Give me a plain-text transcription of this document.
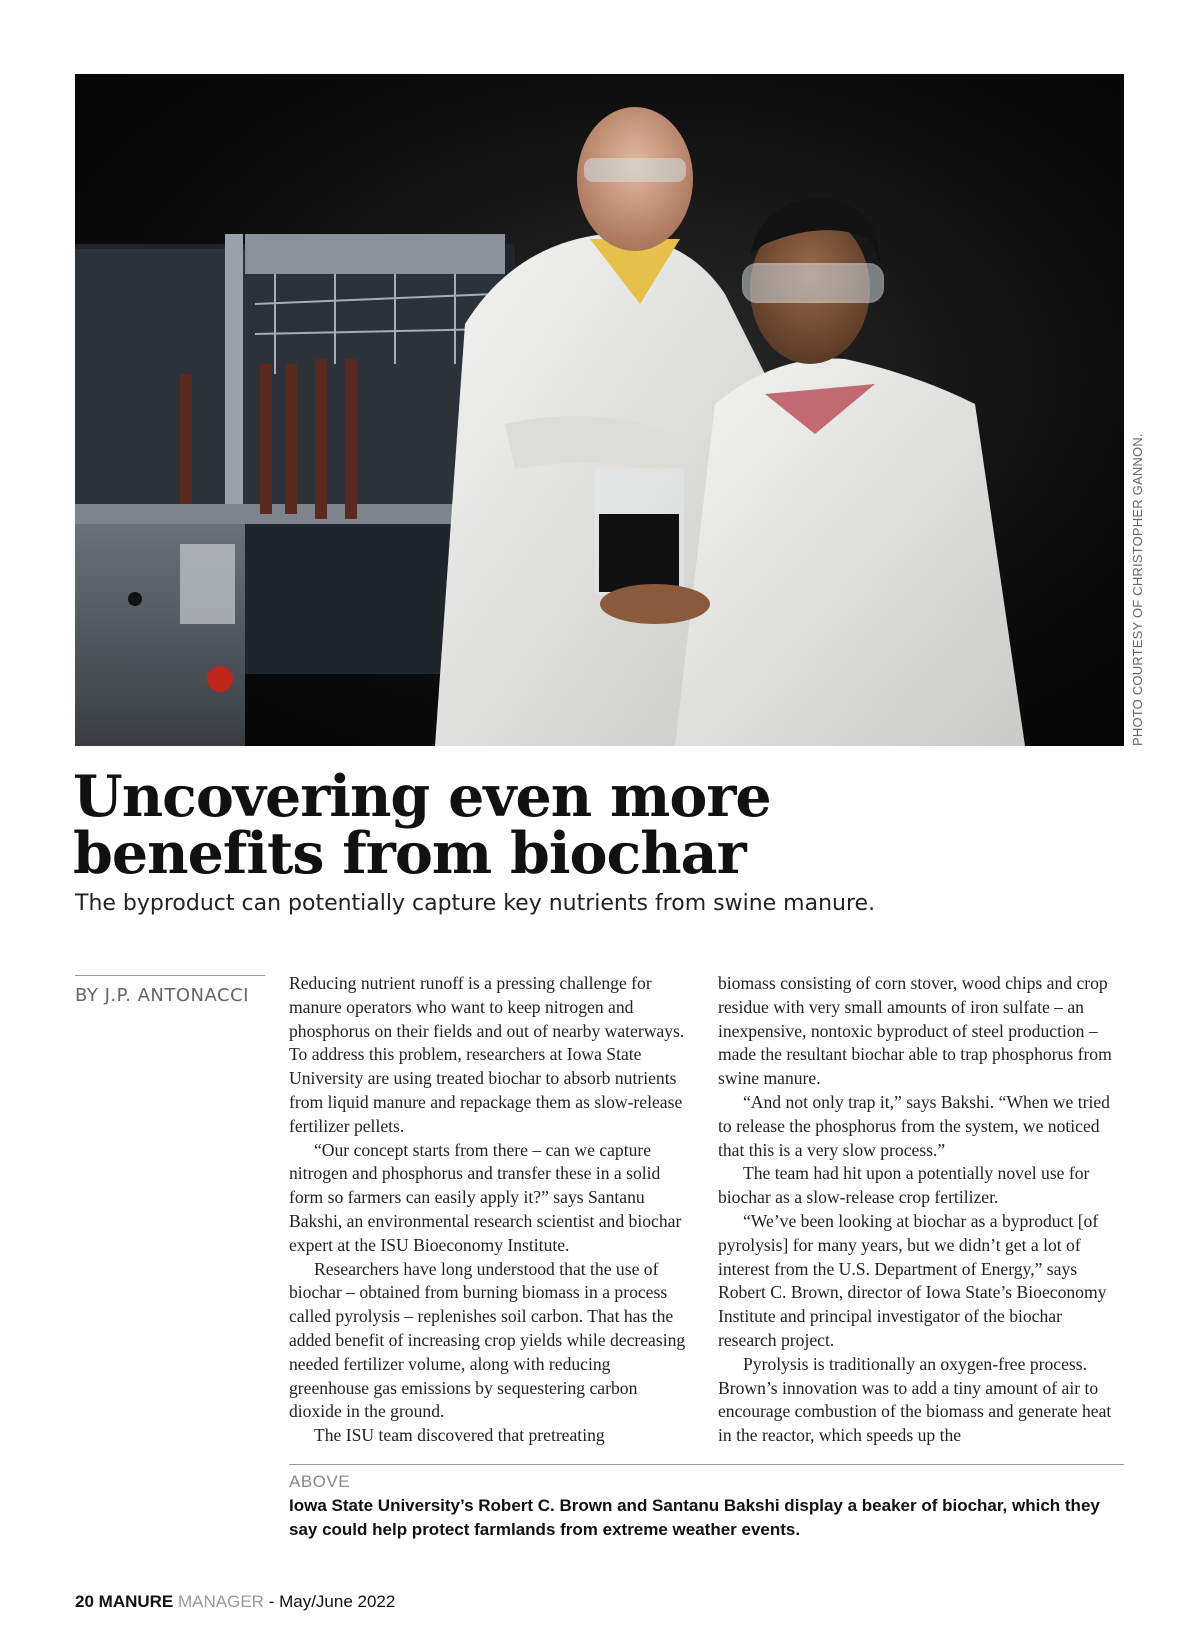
PHOTO COURTESY OF CHRISTOPHER GANNON.
Uncovering even more
benefits from biochar
The byproduct can potentially capture key nutrients from swine manure.
BY J.P. ANTONACCI

Reducing nutrient runoff is a pressing challenge for manure operators who want to keep nitrogen and phosphorus on their fields and out of nearby waterways. To address this problem, researchers at Iowa State University are using treated biochar to absorb nutrients from liquid manure and repackage them as slow-release fertilizer pellets.

“Our concept starts from there – can we capture nitrogen and phosphorus and transfer these in a solid form so farmers can easily apply it?” says Santanu Bakshi, an environmental research scientist and biochar expert at the ISU Bioeconomy Institute.

Researchers have long understood that the use of biochar – obtained from burning biomass in a process called pyrolysis – replenishes soil carbon. That has the added benefit of increasing crop yields while decreasing needed fertilizer volume, along with reducing greenhouse gas emissions by sequestering carbon dioxide in the ground.

The ISU team discovered that pretreating

biomass consisting of corn stover, wood chips and crop residue with very small amounts of iron sulfate – an inexpensive, nontoxic byproduct of steel production – made the resultant biochar able to trap phosphorus from swine manure.

“And not only trap it,” says Bakshi. “When we tried to release the phosphorus from the system, we noticed that this is a very slow process.”

The team had hit upon a potentially novel use for biochar as a slow-release crop fertilizer.

“We’ve been looking at biochar as a byproduct [of pyrolysis] for many years, but we didn’t get a lot of interest from the U.S. Department of Energy,” says Robert C. Brown, director of Iowa State’s Bioeconomy Institute and principal investigator of the biochar research project.

Pyrolysis is traditionally an oxygen-free process. Brown’s innovation was to add a tiny amount of air to encourage combustion of the biomass and generate heat in the reactor, which speeds up the

ABOVE
Iowa State University’s Robert C. Brown and Santanu Bakshi display a beaker of biochar, which they say could help protect farmlands from extreme weather events.
20 MANURE MANAGER - May/June 2022
